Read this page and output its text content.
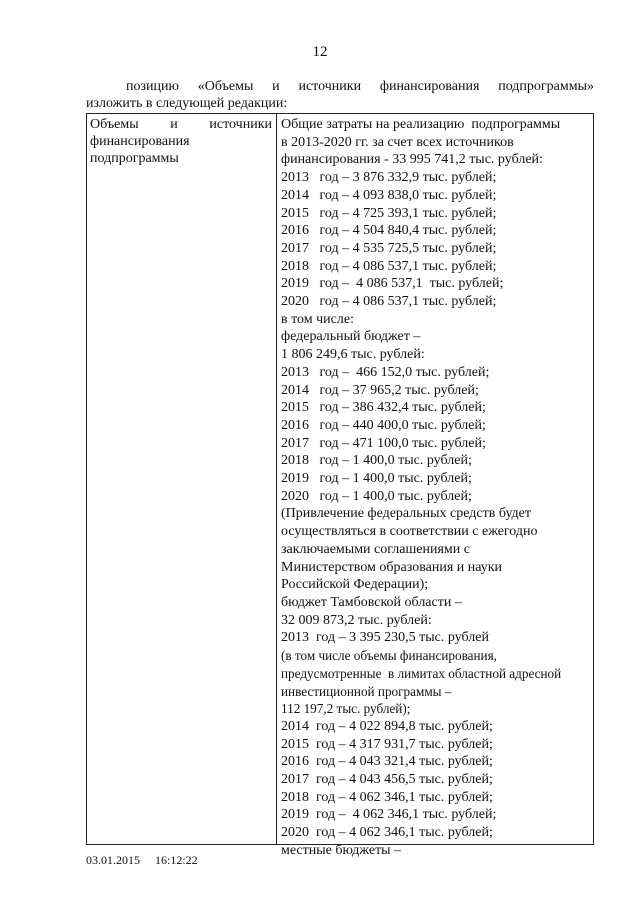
12
позицию «Объемы и источники финансирования подпрограммы»
изложить в следующей редакции:
Объемы и источники
финансирования
подпрограммы
Общие затраты на реализацию  подпрограммы
в 2013-2020 гг. за счет всех источников
финансирования - 33 995 741,2 тыс. рублей:
2013   год – 3 876 332,9 тыс. рублей;
2014   год – 4 093 838,0 тыс. рублей;
2015   год – 4 725 393,1 тыс. рублей;
2016   год – 4 504 840,4 тыс. рублей;
2017   год – 4 535 725,5 тыс. рублей;
2018   год – 4 086 537,1 тыс. рублей;
2019   год –  4 086 537,1  тыс. рублей;
2020   год – 4 086 537,1 тыс. рублей;
в том числе:
федеральный бюджет –
1 806 249,6 тыс. рублей:
2013   год –  466 152,0 тыс. рублей;
2014   год – 37 965,2 тыс. рублей;
2015   год – 386 432,4 тыс. рублей;
2016   год – 440 400,0 тыс. рублей;
2017   год – 471 100,0 тыс. рублей;
2018   год – 1 400,0 тыс. рублей;
2019   год – 1 400,0 тыс. рублей;
2020   год – 1 400,0 тыс. рублей;
(Привлечение федеральных средств будет
осуществляться в соответствии с ежегодно
заключаемыми соглашениями с
Министерством образования и науки
Российской Федерации);
бюджет Тамбовской области –
32 009 873,2 тыс. рублей:
2013  год – 3 395 230,5 тыс. рублей
(в том числе объемы финансирования,
предусмотренные  в лимитах областной адресной
инвестиционной программы –
112 197,2 тыс. рублей);
2014  год – 4 022 894,8 тыс. рублей;
2015  год – 4 317 931,7 тыс. рублей;
2016  год – 4 043 321,4 тыс. рублей;
2017  год – 4 043 456,5 тыс. рублей;
2018  год – 4 062 346,1 тыс. рублей;
2019  год –  4 062 346,1 тыс. рублей;
2020  год – 4 062 346,1 тыс. рублей;
местные бюджеты –
03.01.2015     16:12:22
